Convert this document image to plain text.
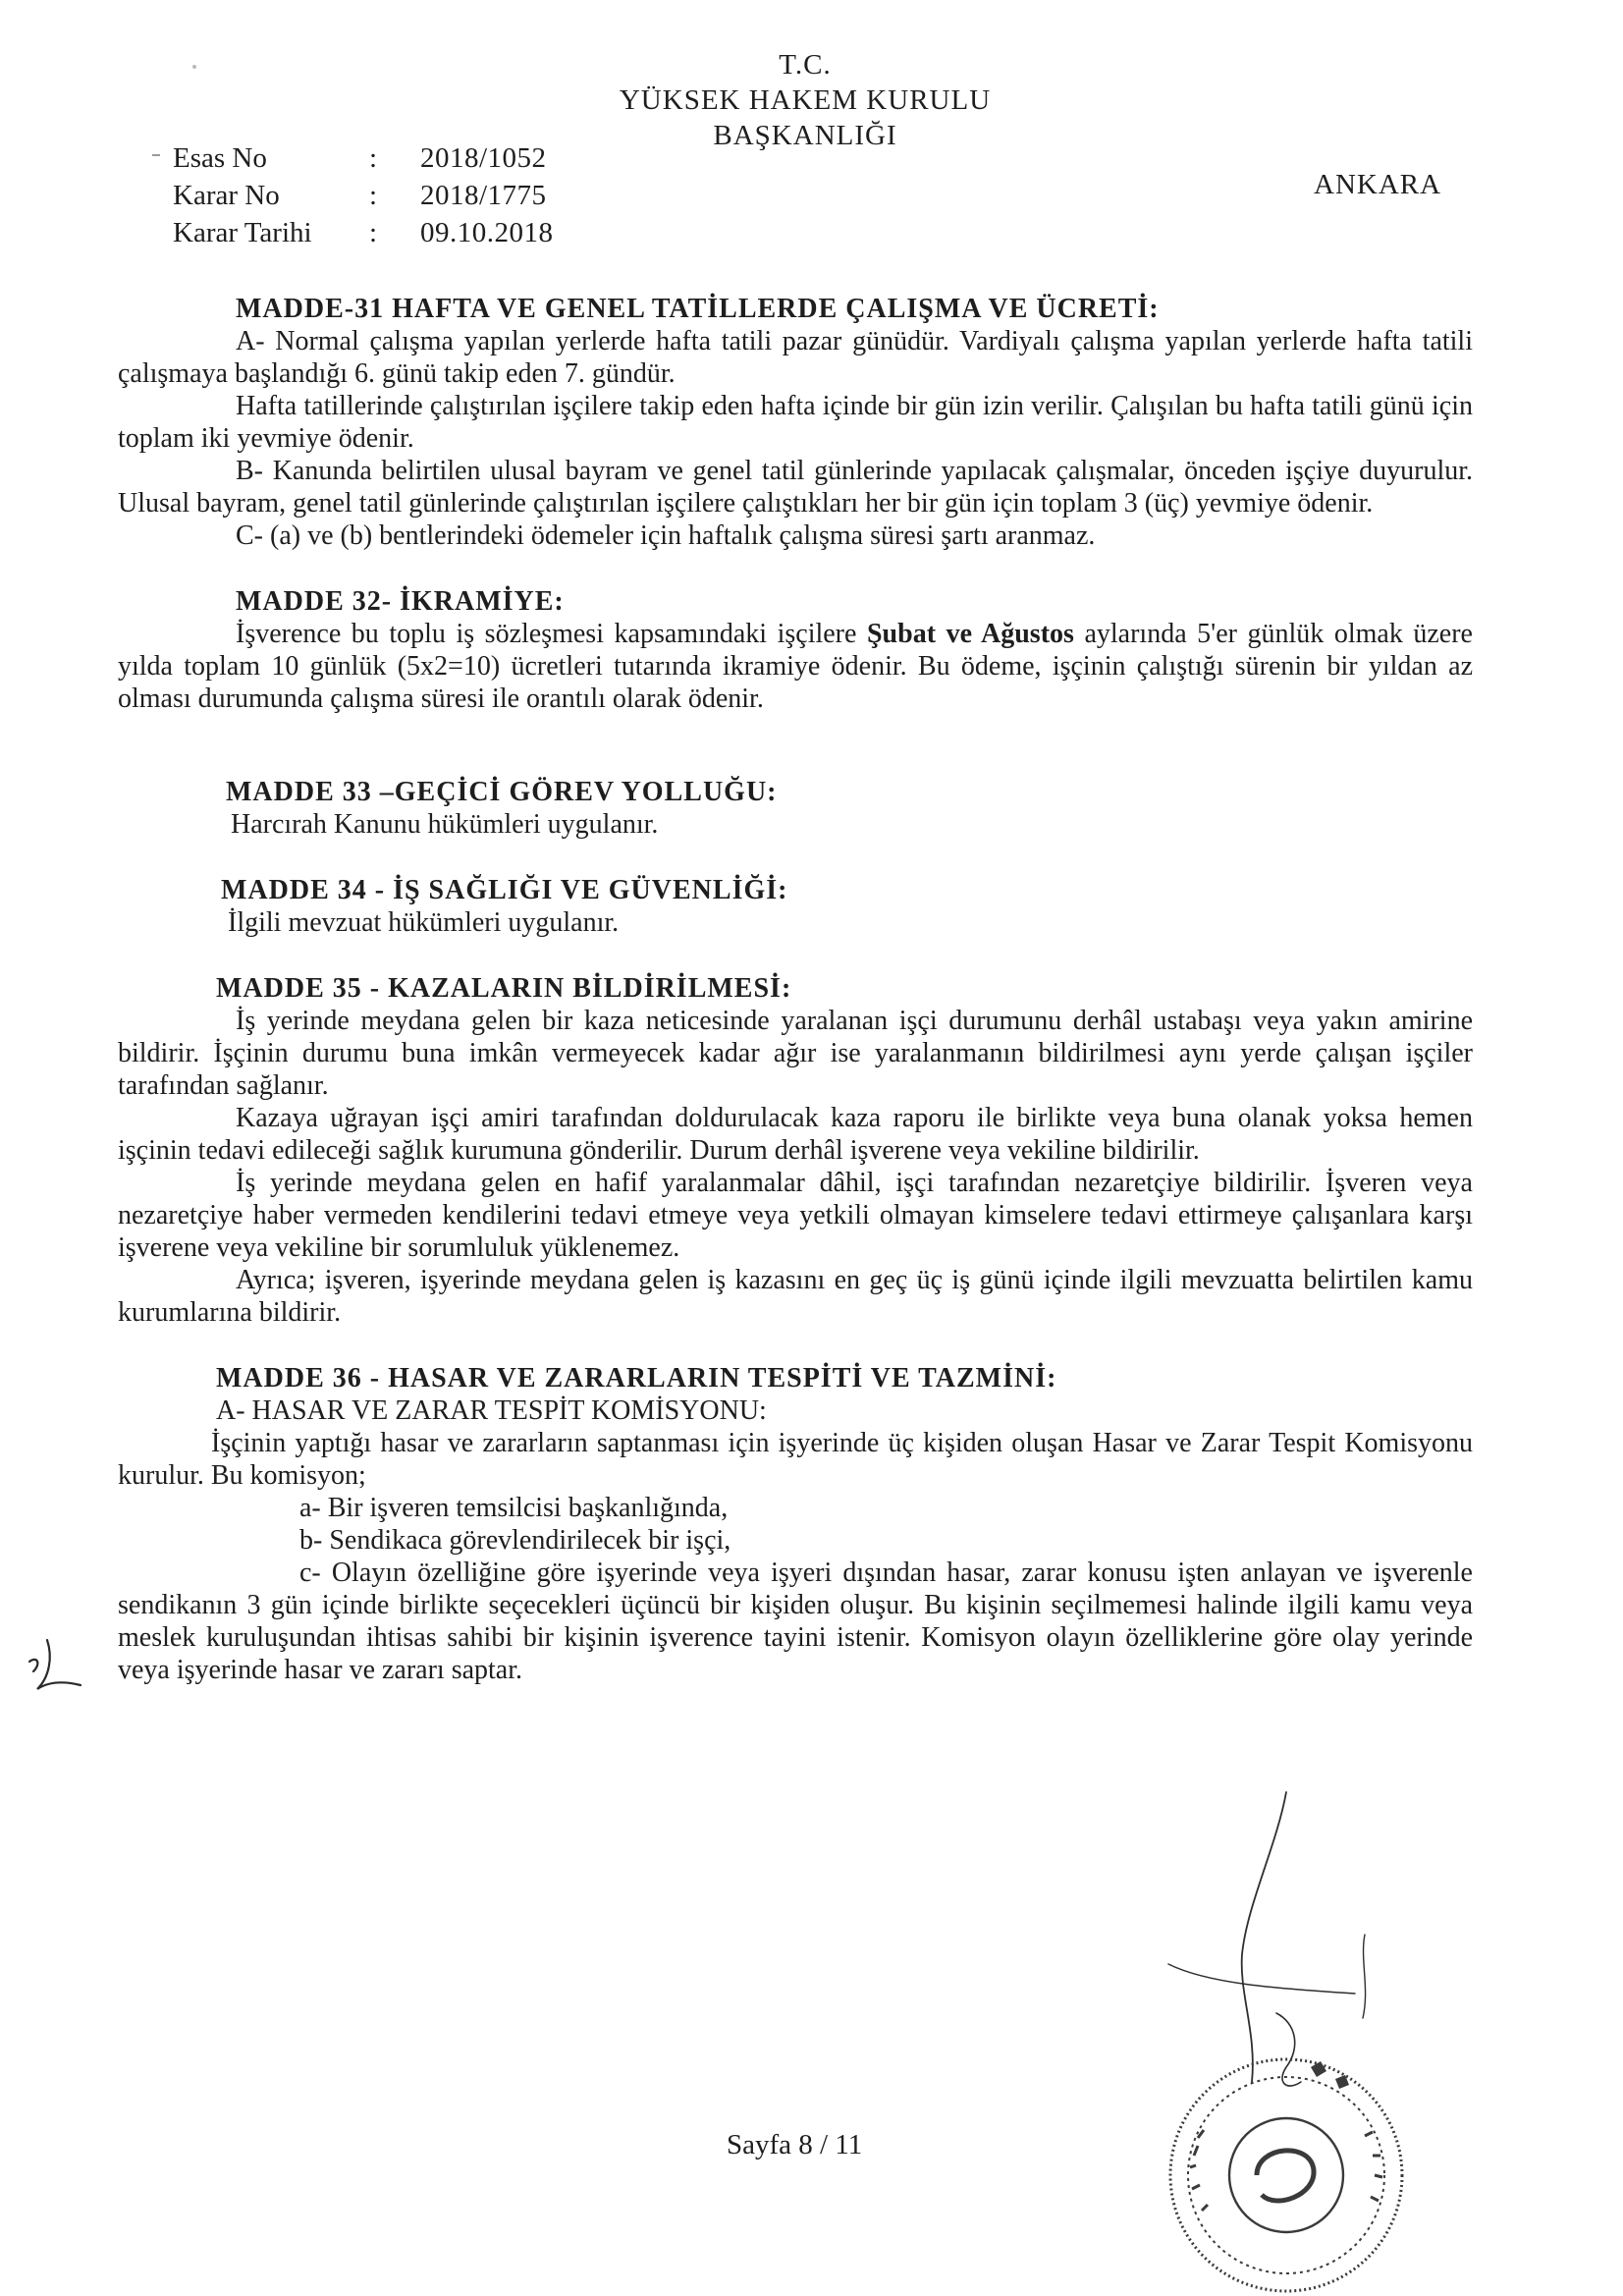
T.C.
YÜKSEK HAKEM KURULU
BAŞKANLIĞI
Esas No	:	2018/1052
Karar No	:	2018/1775
Karar Tarihi	:	09.10.2018
ANKARA

MADDE-31 HAFTA VE GENEL TATİLLERDE ÇALIŞMA VE ÜCRETİ:

A- Normal çalışma yapılan yerlerde hafta tatili pazar günüdür. Vardiyalı çalışma yapılan yerlerde hafta tatili çalışmaya başlandığı 6. günü takip eden 7. gündür.

Hafta tatillerinde çalıştırılan işçilere takip eden hafta içinde bir gün izin verilir. Çalışılan bu hafta tatili günü için toplam iki yevmiye ödenir.

B- Kanunda belirtilen ulusal bayram ve genel tatil günlerinde yapılacak çalışmalar, önceden işçiye duyurulur. Ulusal bayram, genel tatil günlerinde çalıştırılan işçilere çalıştıkları her bir gün için toplam 3 (üç) yevmiye ödenir.

C- (a) ve (b) bentlerindeki ödemeler için haftalık çalışma süresi şartı aranmaz.

MADDE 32- İKRAMİYE:

İşverence bu toplu iş sözleşmesi kapsamındaki işçilere Şubat ve Ağustos aylarında 5'er günlük olmak üzere yılda toplam 10 günlük (5x2=10) ücretleri tutarında ikramiye ödenir. Bu ödeme, işçinin çalıştığı sürenin bir yıldan az olması durumunda çalışma süresi ile orantılı olarak ödenir.

MADDE 33 –GEÇİCİ GÖREV YOLLUĞU:

Harcırah Kanunu hükümleri uygulanır.

MADDE 34 - İŞ SAĞLIĞI VE GÜVENLİĞİ:

İlgili mevzuat hükümleri uygulanır.

MADDE 35 - KAZALARIN BİLDİRİLMESİ:

İş yerinde meydana gelen bir kaza neticesinde yaralanan işçi durumunu derhâl ustabaşı veya yakın amirine bildirir. İşçinin durumu buna imkân vermeyecek kadar ağır ise yaralanmanın bildirilmesi aynı yerde çalışan işçiler tarafından sağlanır.

Kazaya uğrayan işçi amiri tarafından doldurulacak kaza raporu ile birlikte veya buna olanak yoksa hemen işçinin tedavi edileceği sağlık kurumuna gönderilir. Durum derhâl işverene veya vekiline bildirilir.

İş yerinde meydana gelen en hafif yaralanmalar dâhil, işçi tarafından nezaretçiye bildirilir. İşveren veya nezaretçiye haber vermeden kendilerini tedavi etmeye veya yetkili olmayan kimselere tedavi ettirmeye çalışanlara karşı işverene veya vekiline bir sorumluluk yüklenemez.

Ayrıca; işveren, işyerinde meydana gelen iş kazasını en geç üç iş günü içinde ilgili mevzuatta belirtilen kamu kurumlarına bildirir.

MADDE 36 - HASAR VE ZARARLARIN TESPİTİ VE TAZMİNİ:

A- HASAR VE ZARAR TESPİT KOMİSYONU:

İşçinin yaptığı hasar ve zararların saptanması için işyerinde üç kişiden oluşan Hasar ve Zarar Tespit Komisyonu kurulur. Bu komisyon;

a- Bir işveren temsilcisi başkanlığında,

b- Sendikaca görevlendirilecek bir işçi,

c- Olayın özelliğine göre işyerinde veya işyeri dışından hasar, zarar konusu işten anlayan ve işverenle sendikanın 3 gün içinde birlikte seçecekleri üçüncü bir kişiden oluşur. Bu kişinin seçilmemesi halinde ilgili kamu veya meslek kuruluşundan ihtisas sahibi bir kişinin işverence tayini istenir. Komisyon olayın özelliklerine göre olay yerinde veya işyerinde hasar ve zararı saptar.

Sayfa 8 / 11
